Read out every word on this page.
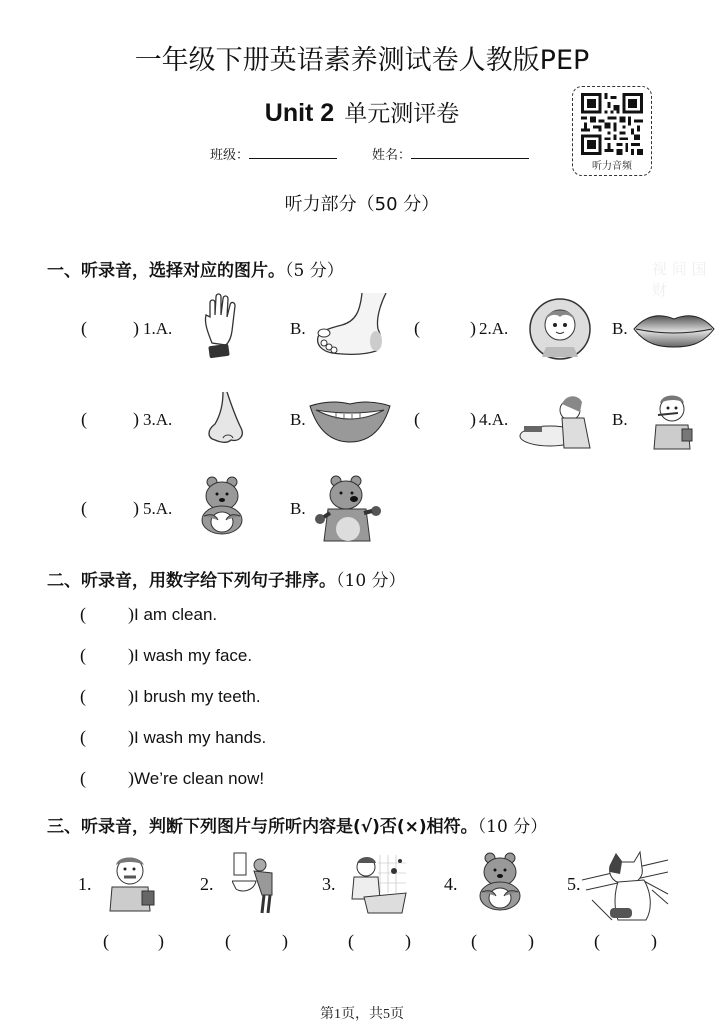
一年级下册英语素养测试卷人教版PEP
Unit 2 单元测评卷
听力音频
班级：	姓名：
听力部分（50 分）
视 间 国 财
一、听录音，选择对应的图片。（5 分）
(	) 1.A.	B.	(	) 2.A.	B.
(	) 3.A.	B.	(	) 4.A.	B.
(	) 5.A.	B.
二、听录音，用数字给下列句子排序。（10 分）
( )I am clean.
( )I wash my face.
( )I brush my teeth.
( )I wash my hands.
( )We’re clean now!
三、听录音，判断下列图片与所听内容是(√)否(×)相符。（10 分）
1.
(	)
2.
(	)
3.
(	)
4.
(	)
5.
(	)
第1页，共5页
